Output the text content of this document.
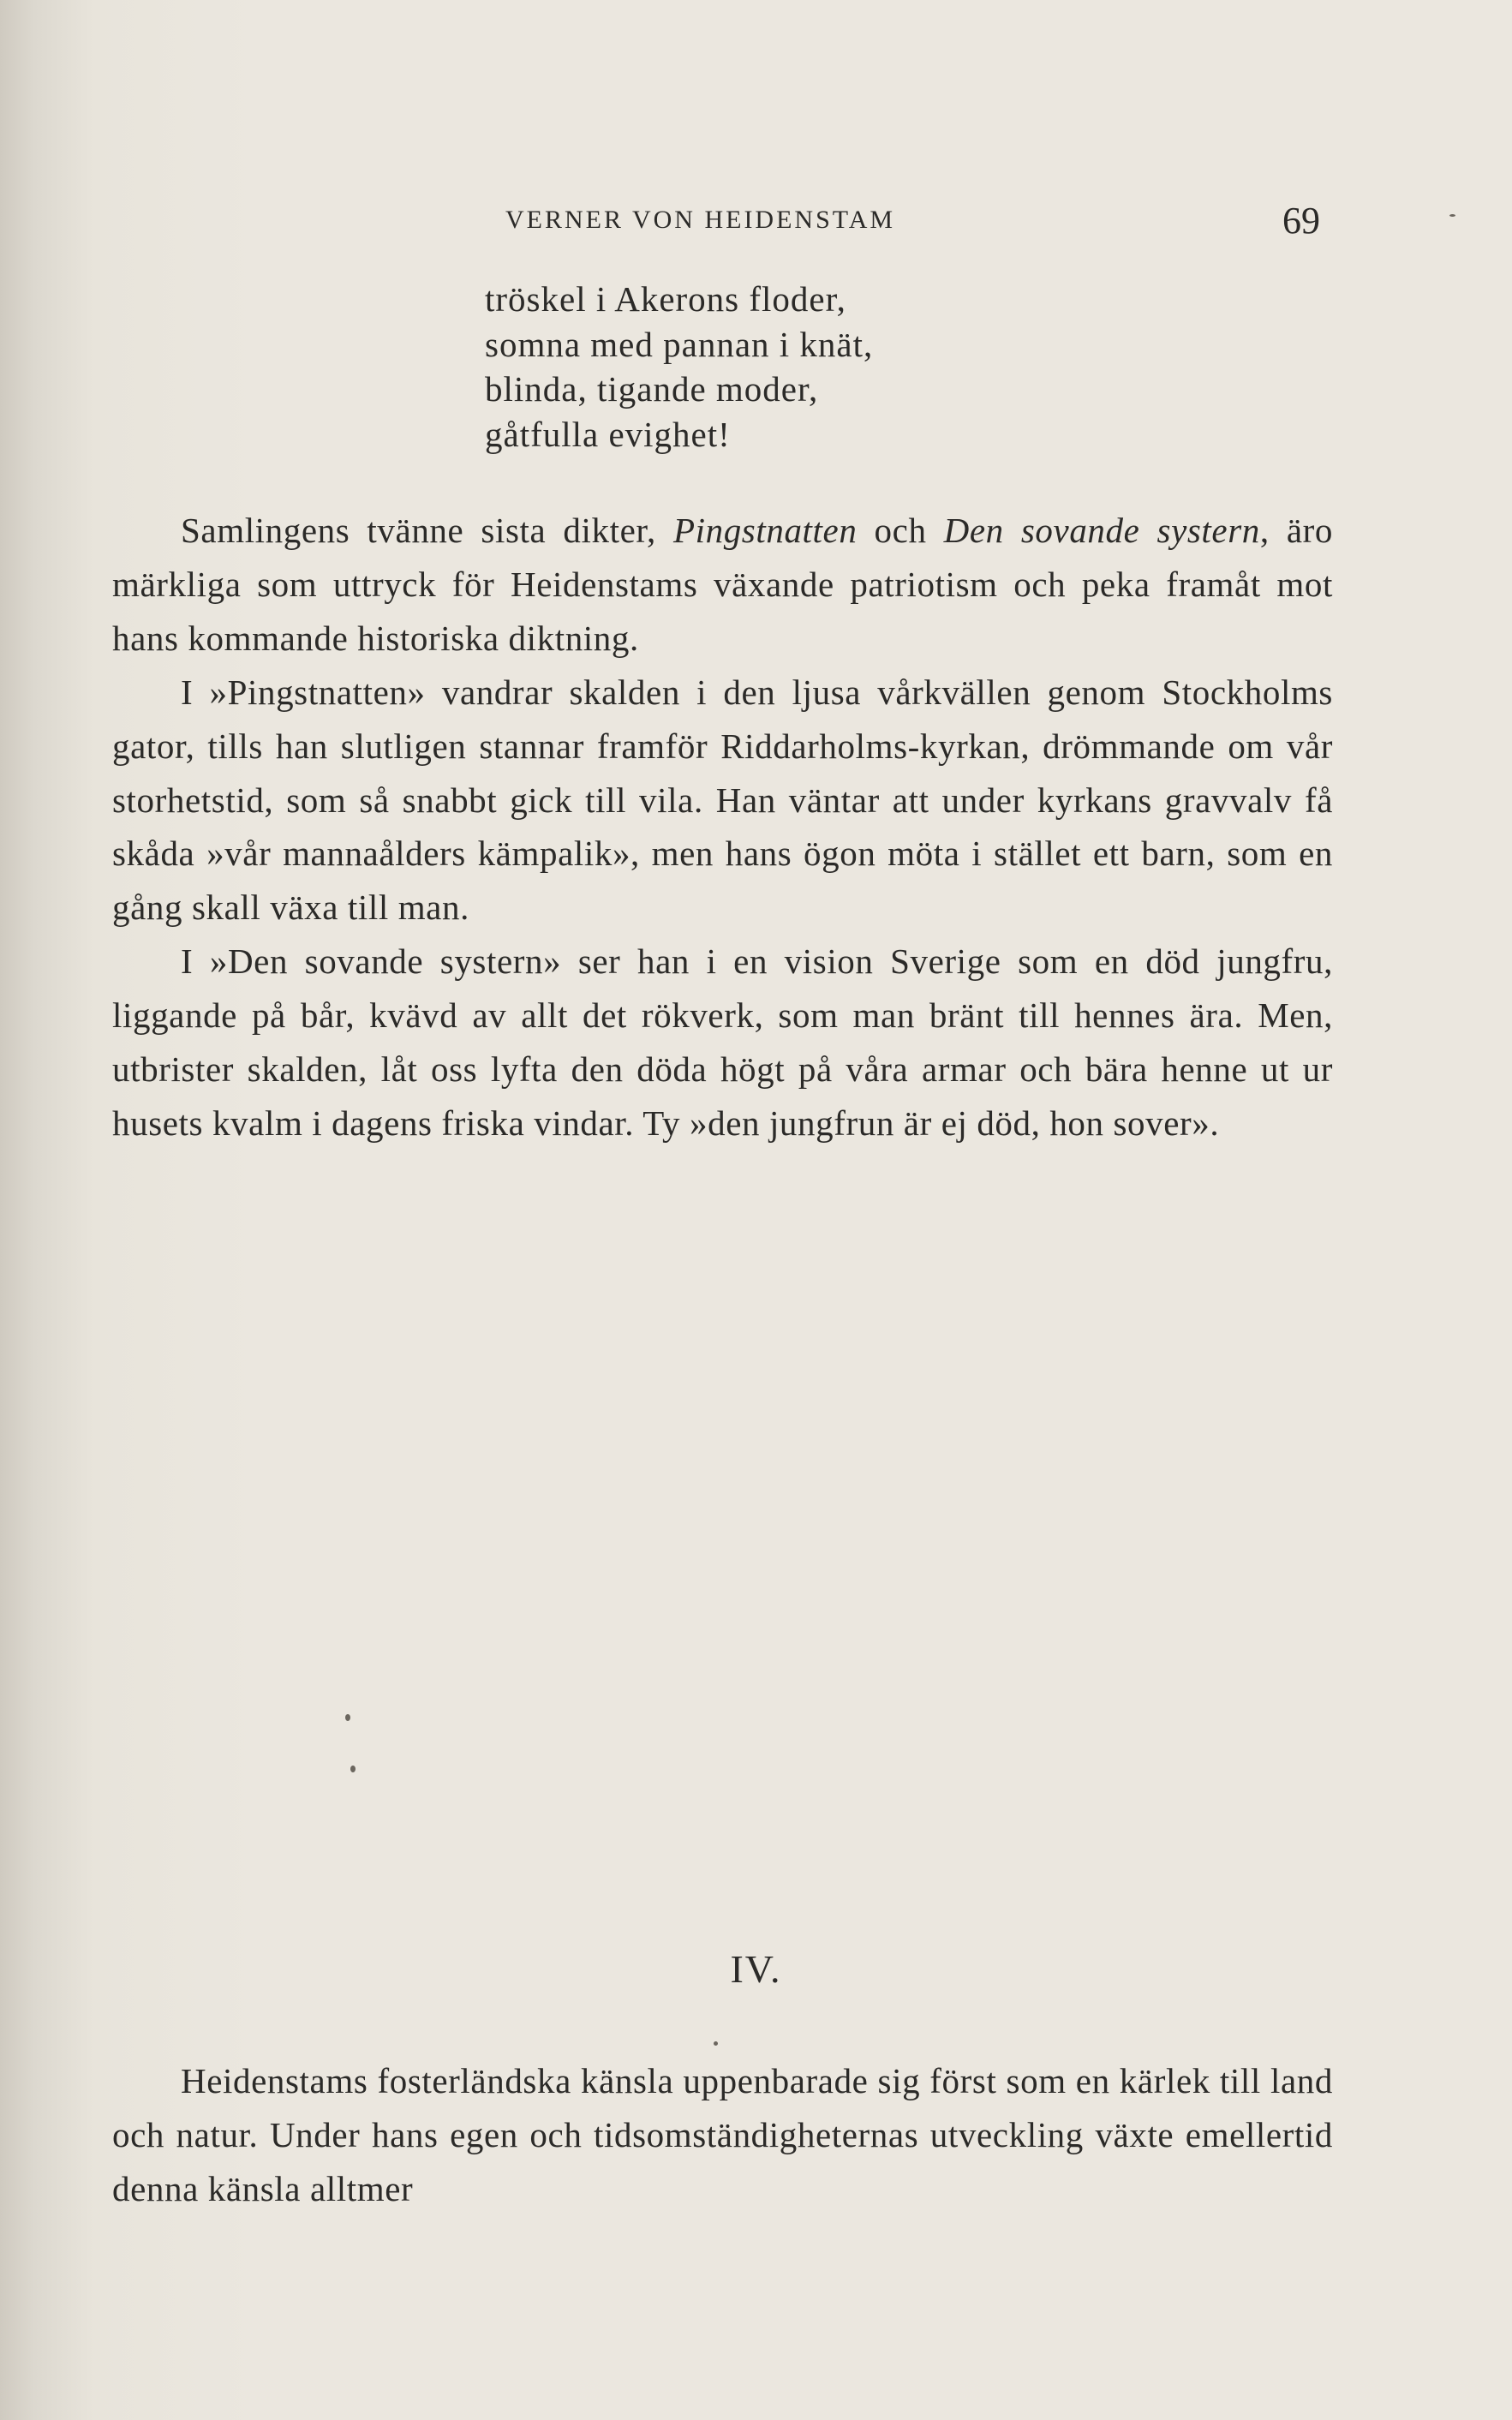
VERNER VON HEIDENSTAM	69
tröskel i Akerons floder,
somna med pannan i knät,
blinda, tigande moder,
gåtfulla evighet!

Samlingens tvänne sista dikter, Pingstnatten och Den sovande systern, äro märkliga som uttryck för Heidenstams växande patriotism och peka framåt mot hans kommande historiska diktning.

I »Pingstnatten» vandrar skalden i den ljusa vårkvällen genom Stockholms gator, tills han slutligen stannar framför Riddarholms-kyrkan, drömmande om vår storhetstid, som så snabbt gick till vila. Han väntar att under kyrkans gravvalv få skåda »vår mannaålders kämpalik», men hans ögon möta i stället ett barn, som en gång skall växa till man.

I »Den sovande systern» ser han i en vision Sverige som en död jungfru, liggande på bår, kvävd av allt det rökverk, som man bränt till hennes ära. Men, utbrister skalden, låt oss lyfta den döda högt på våra armar och bära henne ut ur husets kvalm i dagens friska vindar. Ty »den jungfrun är ej död, hon sover».

IV.

Heidenstams fosterländska känsla uppenbarade sig först som en kärlek till land och natur. Under hans egen och tidsomständigheternas utveckling växte emellertid denna känsla alltmer
